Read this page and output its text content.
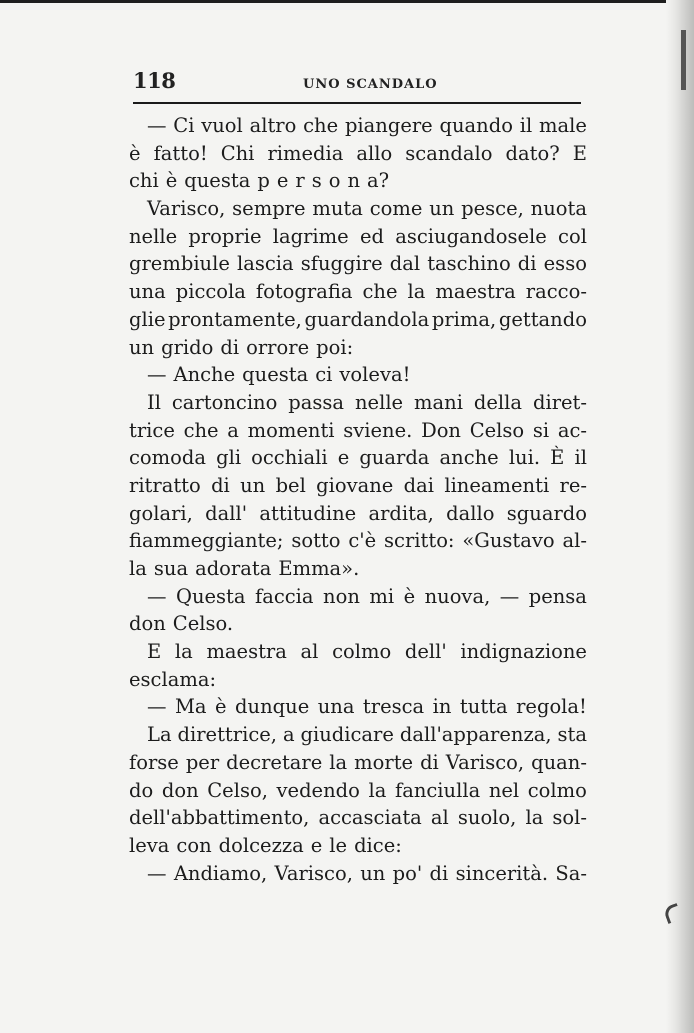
118	UNO SCANDALO
— Ci vuol altro che piangere quando il male
è fatto! Chi rimedia allo scandalo dato? E
chi è questa p e r s o n a?
Varisco, sempre muta come un pesce, nuota
nelle proprie lagrime ed asciugandosele col
grembiule lascia sfuggire dal taschino di esso
una piccola fotografia che la maestra racco-
glie prontamente, guardandola prima, gettando
un grido di orrore poi:
— Anche questa ci voleva!
Il cartoncino passa nelle mani della diret-
trice che a momenti sviene. Don Celso si ac-
comoda gli occhiali e guarda anche lui. È il
ritratto di un bel giovane dai lineamenti re-
golari, dall' attitudine ardita, dallo sguardo
fiammeggiante; sotto c'è scritto: «Gustavo al-
la sua adorata Emma».
— Questa faccia non mi è nuova, — pensa
don Celso.
E la maestra al colmo dell' indignazione
esclama:
— Ma è dunque una tresca in tutta regola!
La direttrice, a giudicare dall'apparenza, sta
forse per decretare la morte di Varisco, quan-
do don Celso, vedendo la fanciulla nel colmo
dell'abbattimento, accasciata al suolo, la sol-
leva con dolcezza e le dice:
— Andiamo, Varisco, un po' di sincerità. Sa-
